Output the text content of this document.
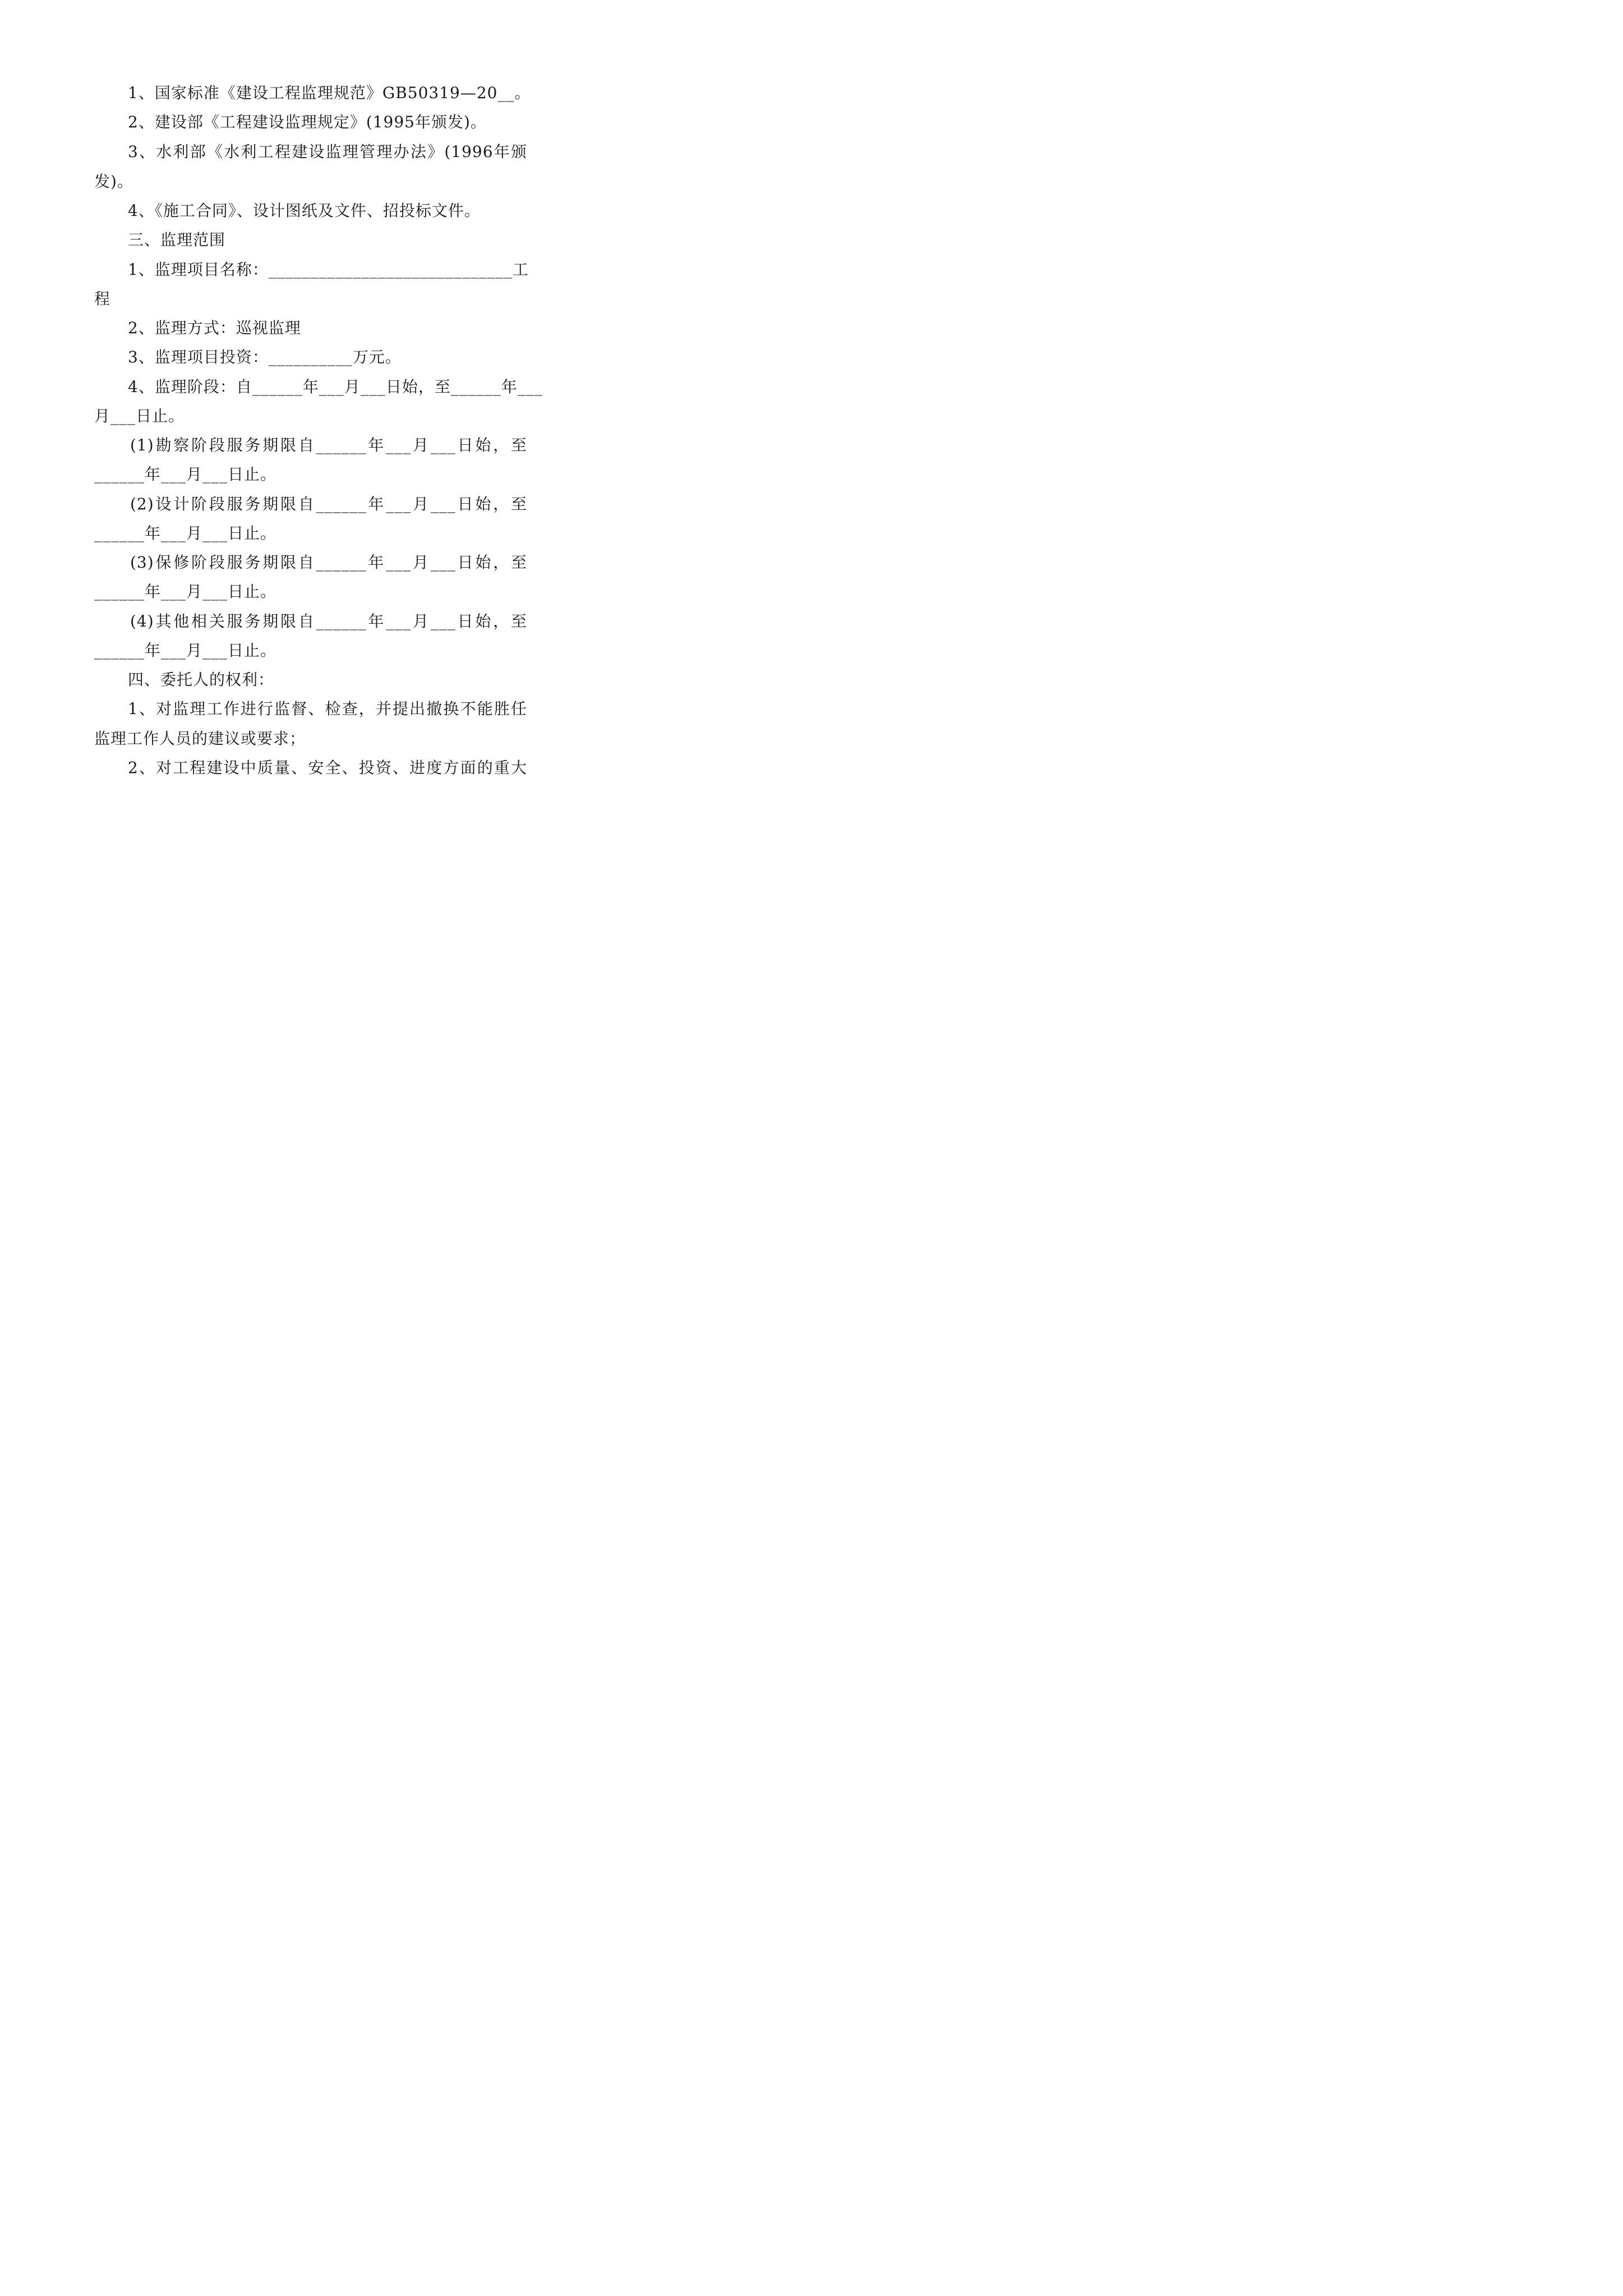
1、国家标准《建设工程监理规范》GB50319—20__。
2、建设部《工程建设监理规定》(1995年颁发)。
3、水利部《水利工程建设监理管理办法》(1996年颁
发)。
4、《施工合同》、设计图纸及文件、招投标文件。
三、监理范围
1、监理项目名称：_____________________________工
程
2、监理方式：巡视监理
3、监理项目投资：__________万元。
4、监理阶段：自______年___月___日始，至______年___
月___日止。
(1)勘察阶段服务期限自______年___月___日始，至
______年___月___日止。
(2)设计阶段服务期限自______年___月___日始，至
______年___月___日止。
(3)保修阶段服务期限自______年___月___日始，至
______年___月___日止。
(4)其他相关服务期限自______年___月___日始，至
______年___月___日止。
四、委托人的权利：
1、对监理工作进行监督、检查，并提出撤换不能胜任
监理工作人员的建议或要求；
2、对工程建设中质量、安全、投资、进度方面的重大
